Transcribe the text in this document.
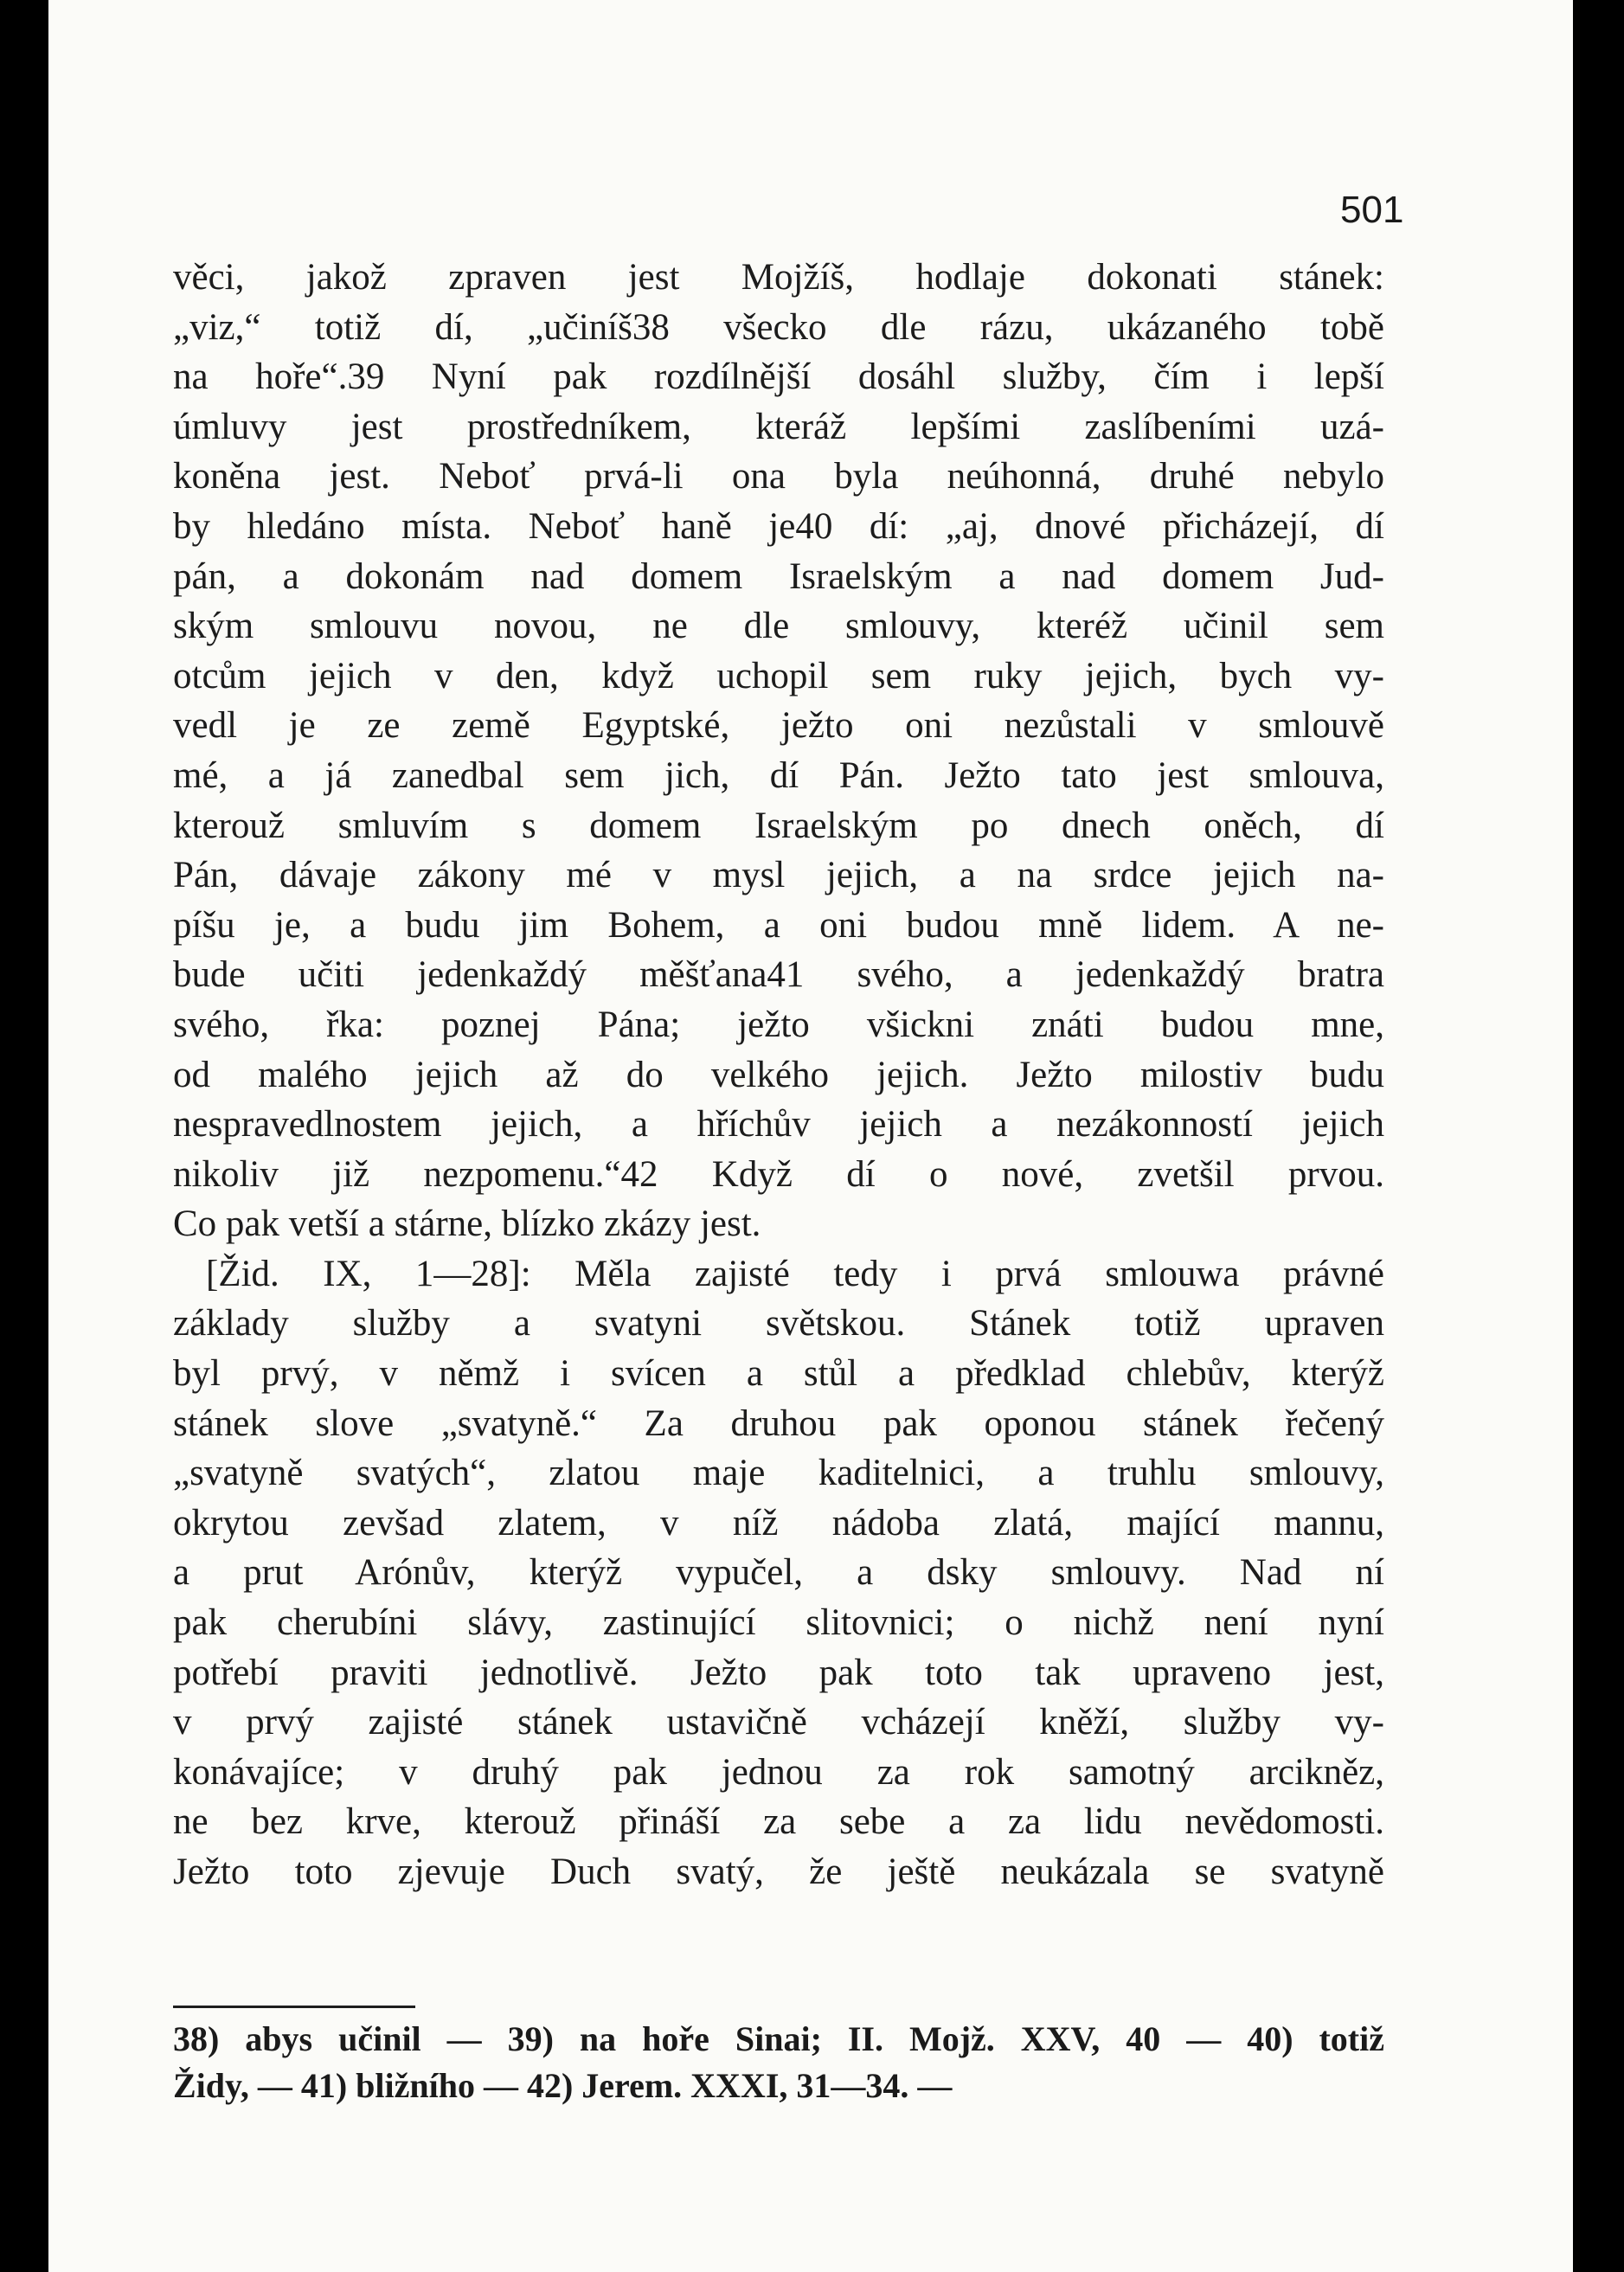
501
věci, jakož zpraven jest Mojžíš, hodlaje dokonati stánek:
„viz,“ totiž dí, „učiníš38 všecko dle rázu, ukázaného tobě
na hoře“.39 Nyní pak rozdílnější dosáhl služby, čím i lepší
úmluvy jest prostředníkem, kteráž lepšími zaslíbeními uzá-
koněna jest. Neboť prvá-li ona byla neúhonná, druhé nebylo
by hledáno místa. Neboť haně je40 dí: „aj, dnové přicházejí, dí
pán, a dokonám nad domem Israelským a nad domem Jud-
ským smlouvu novou, ne dle smlouvy, kteréž učinil sem
otcům jejich v den, když uchopil sem ruky jejich, bych vy-
vedl je ze země Egyptské, ježto oni nezůstali v smlouvě
mé, a já zanedbal sem jich, dí Pán. Ježto tato jest smlouva,
kterouž smluvím s domem Israelským po dnech oněch, dí
Pán, dávaje zákony mé v mysl jejich, a na srdce jejich na-
píšu je, a budu jim Bohem, a oni budou mně lidem. A ne-
bude učiti jedenkaždý měšťana41 svého, a jedenkaždý bratra
svého, řka: poznej Pána; ježto všickni znáti budou mne,
od malého jejich až do velkého jejich. Ježto milostiv budu
nespravedlnostem jejich, a hříchův jejich a nezákonností jejich
nikoliv již nezpomenu.“42 Když dí o nové, zvetšil prvou.
Co pak vetší a stárne, blízko zkázy jest.
[Žid. IX, 1—28]: Měla zajisté tedy i prvá smlouwa právné
základy služby a svatyni světskou. Stánek totiž upraven
byl prvý, v němž i svícen a stůl a předklad chlebův, kterýž
stánek slove „svatyně.“ Za druhou pak oponou stánek řečený
„svatyně svatých“, zlatou maje kaditelnici, a truhlu smlouvy,
okrytou zevšad zlatem, v níž nádoba zlatá, mající mannu,
a prut Arónův, kterýž vypučel, a dsky smlouvy. Nad ní
pak cherubíni slávy, zastinující slitovnici; o nichž není nyní
potřebí praviti jednotlivě. Ježto pak toto tak upraveno jest,
v prvý zajisté stánek ustavičně vcházejí kněží, služby vy-
konávajíce; v druhý pak jednou za rok samotný arcikněz,
ne bez krve, kterouž přináší za sebe a za lidu nevědomosti.
Ježto toto zjevuje Duch svatý, že ještě neukázala se svatyně
38) abys učinil — 39) na hoře Sinai; II. Mojž. XXV, 40 — 40) totiž
Židy, — 41) bližního — 42) Jerem. XXXI, 31—34. —
